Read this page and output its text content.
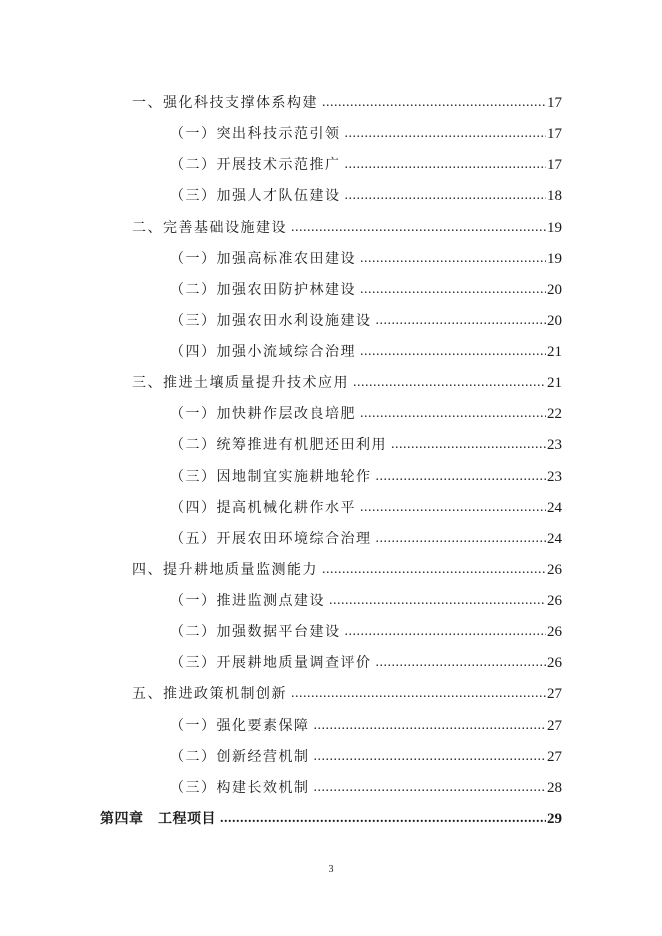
一、强化科技支撑体系构建 .....	17
（一）突出科技示范引领 .....	17
（二）开展技术示范推广 .....	17
（三）加强人才队伍建设 .....	18
二、完善基础设施建设 .....	19
（一）加强高标准农田建设 .....	19
（二）加强农田防护林建设 .....	20
（三）加强农田水利设施建设 .....	20
（四）加强小流域综合治理 .....	21
三、推进土壤质量提升技术应用 .....	21
（一）加快耕作层改良培肥 .....	22
（二）统筹推进有机肥还田利用 .....	23
（三）因地制宜实施耕地轮作 .....	23
（四）提高机械化耕作水平 .....	24
（五）开展农田环境综合治理 .....	24
四、提升耕地质量监测能力 .....	26
（一）推进监测点建设 .....	26
（二）加强数据平台建设 .....	26
（三）开展耕地质量调查评价 .....	26
五、推进政策机制创新 .....	27
（一）强化要素保障 .....	27
（二）创新经营机制 .....	27
（三）构建长效机制 .....	28
第四章　工程项目 .....	29
3
